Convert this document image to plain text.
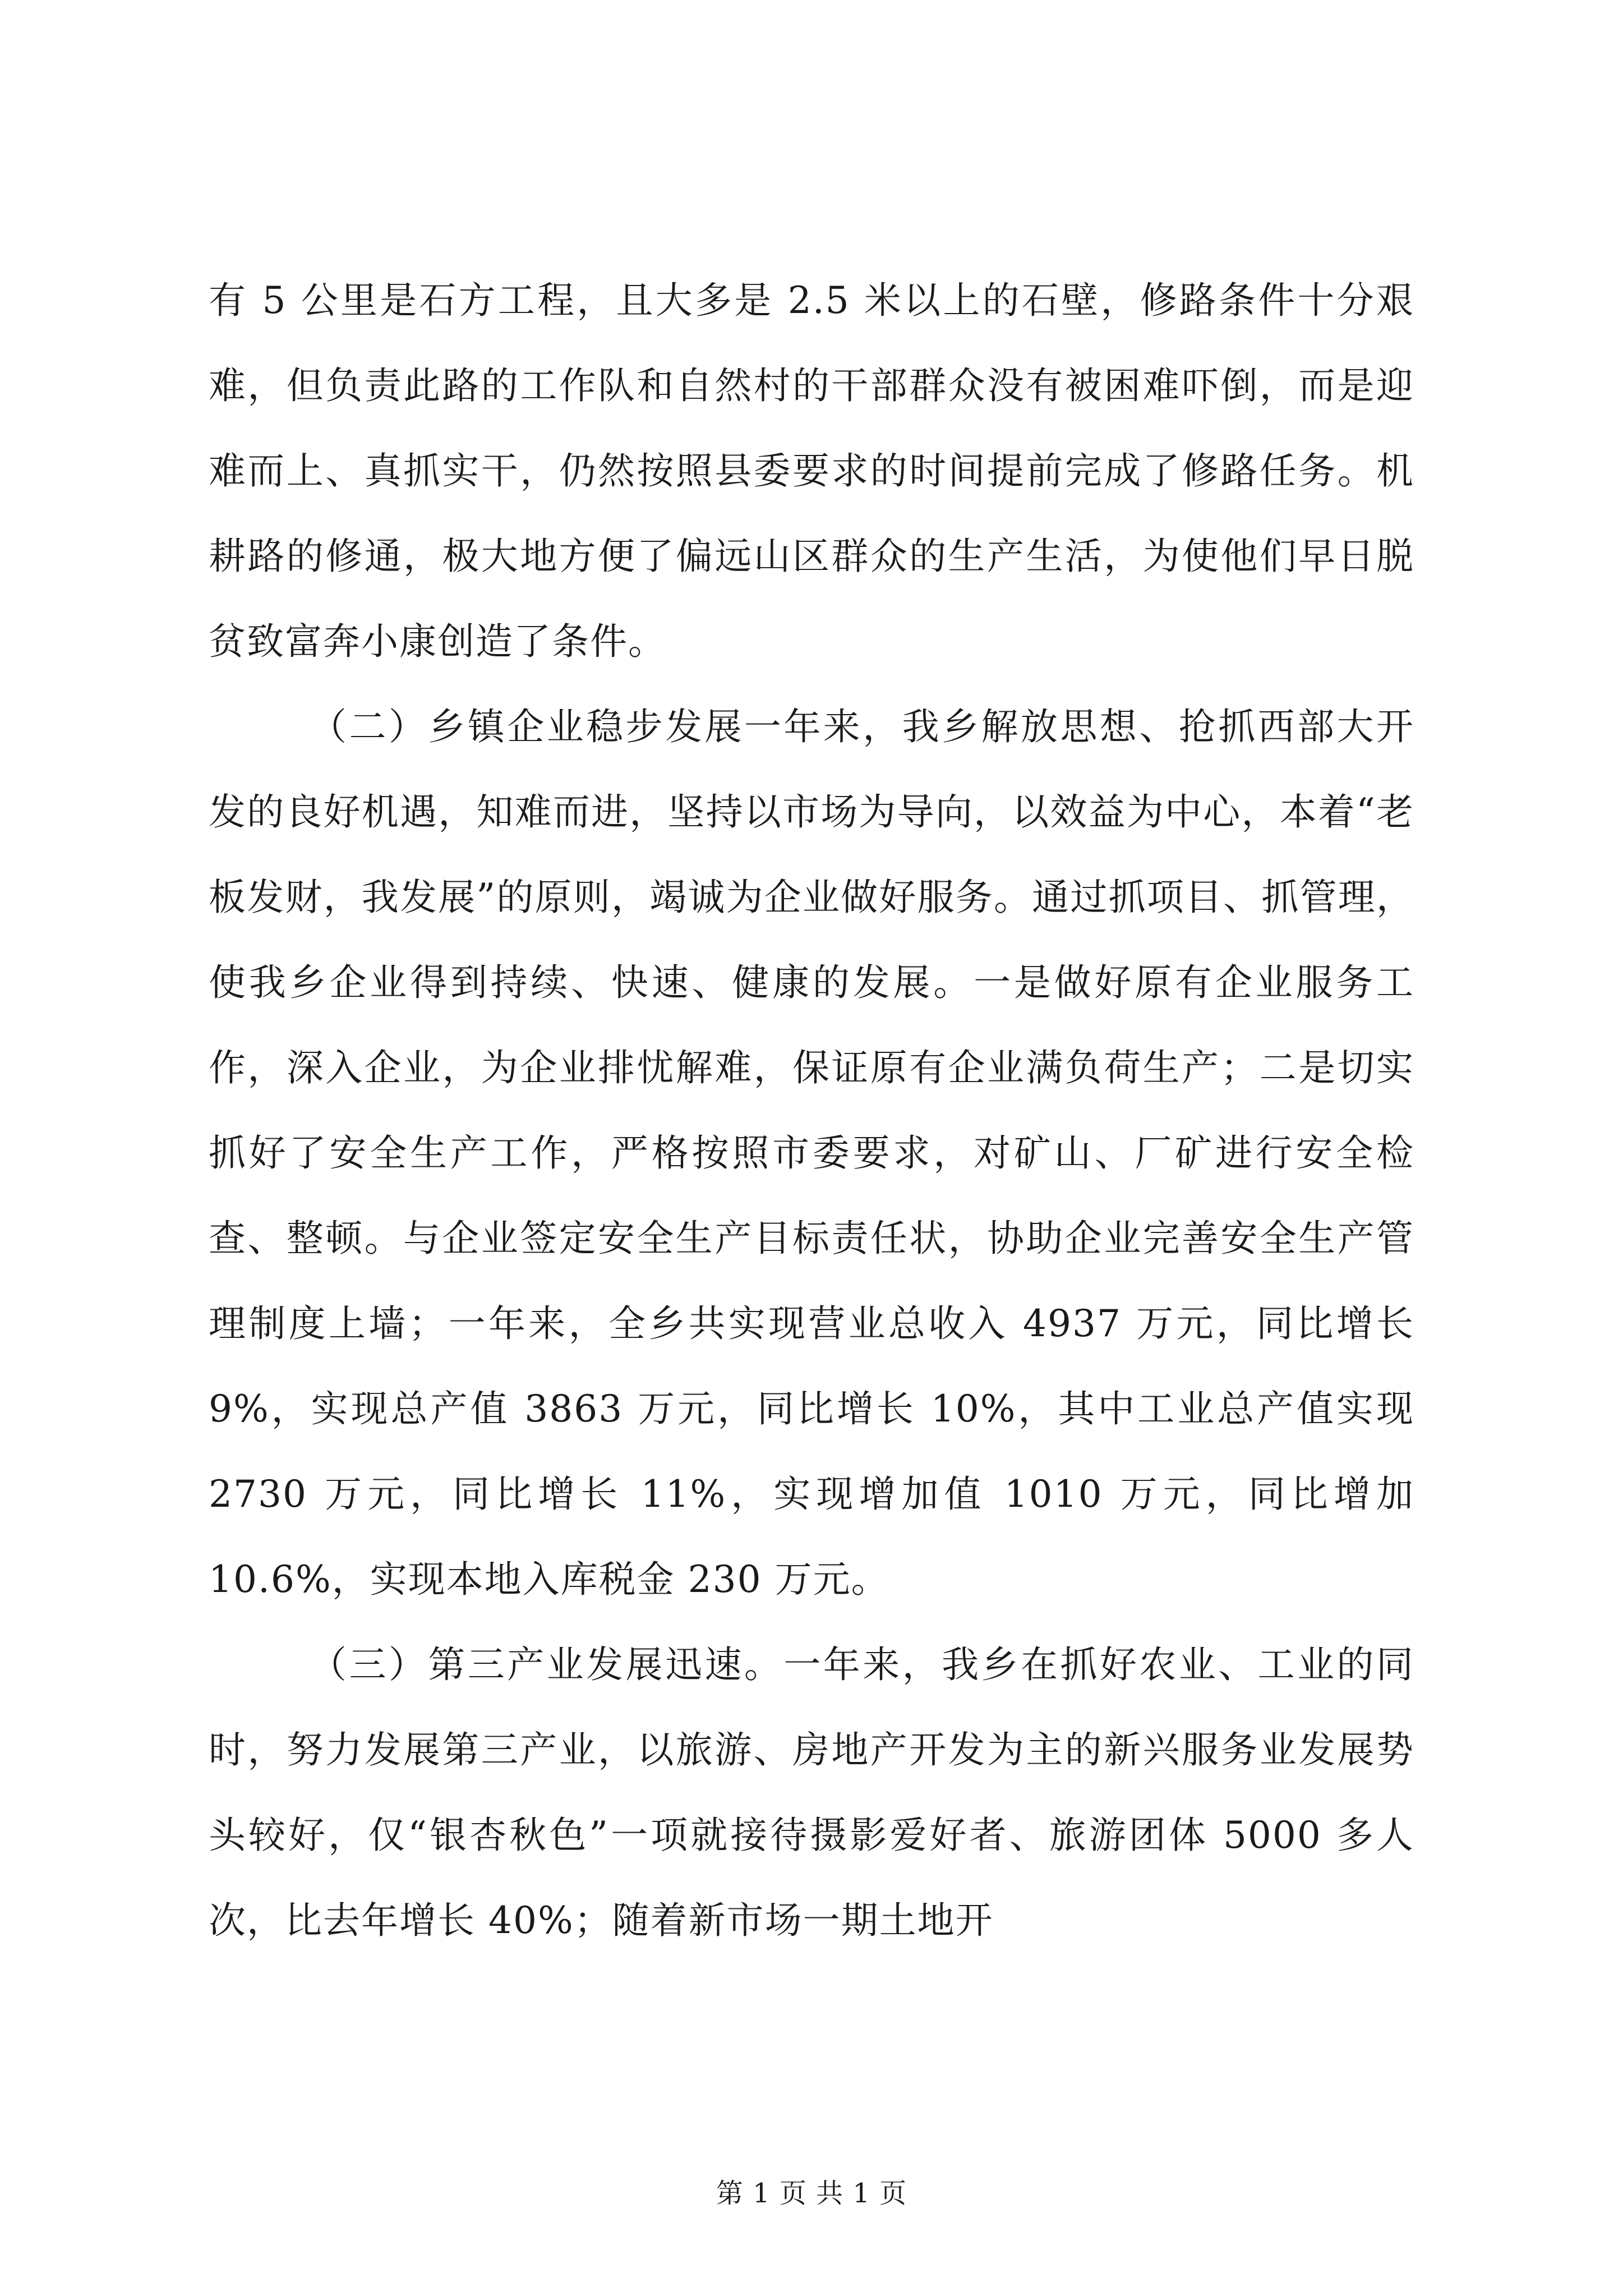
有 5 公里是石方工程，且大多是 2.5 米以上的石壁，修路条件十分艰难，但负责此路的工作队和自然村的干部群众没有被困难吓倒，而是迎难而上、真抓实干，仍然按照县委要求的时间提前完成了修路任务。机耕路的修通，极大地方便了偏远山区群众的生产生活，为使他们早日脱贫致富奔小康创造了条件。

（二）乡镇企业稳步发展一年来，我乡解放思想、抢抓西部大开发的良好机遇，知难而进，坚持以市场为导向，以效益为中心，本着“老板发财，我发展”的原则，竭诚为企业做好服务。通过抓项目、抓管理，使我乡企业得到持续、快速、健康的发展。一是做好原有企业服务工作，深入企业，为企业排忧解难，保证原有企业满负荷生产；二是切实抓好了安全生产工作，严格按照市委要求，对矿山、厂矿进行安全检查、整顿。与企业签定安全生产目标责任状，协助企业完善安全生产管理制度上墙；一年来，全乡共实现营业总收入 4937 万元，同比增长 9%，实现总产值 3863 万元，同比增长 10%，其中工业总产值实现 2730 万元，同比增长 11%，实现增加值 1010 万元，同比增加 10.6%，实现本地入库税金 230 万元。

（三）第三产业发展迅速。一年来，我乡在抓好农业、工业的同时，努力发展第三产业，以旅游、房地产开发为主的新兴服务业发展势头较好，仅“银杏秋色”一项就接待摄影爱好者、旅游团体 5000 多人次，比去年增长 40%；随着新市场一期土地开

第 1 页 共 1 页
